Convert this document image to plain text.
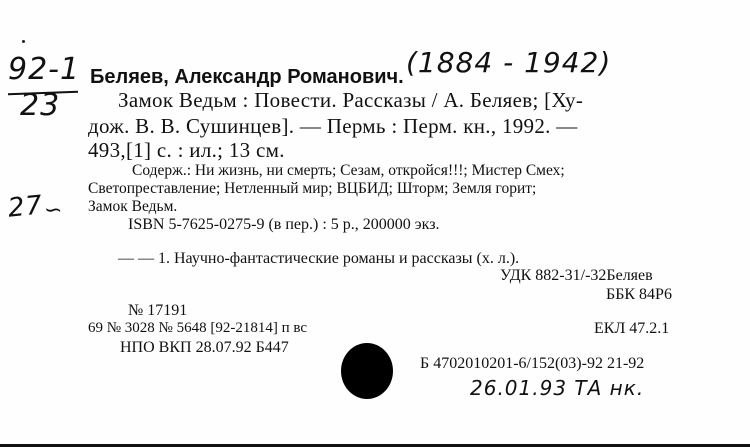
92-1
23
Беляев, Александр Романович. (1884 - 1942)
Замок Ведьм : Повести. Рассказы / А. Беляев; [Ху-
дож. В. В. Сушинцев]. — Пермь : Перм. кн., 1992. —
493,[1] с. : ил.; 13 см.
Содерж.: Ни жизнь, ни смерть; Сезам, откройся!!!; Мистер Смех;
Светопреставление; Нетленный мир; ВЦБИД; Шторм; Земля горит;
Замок Ведьм.
27 ∽
ISBN 5-7625-0275-9 (в пер.) : 5 р., 200000 экз.
— — 1. Научно-фантастические романы и рассказы (х. л.).
УДК 882-31/-32Беляев
ББК 84Р6
№ 17191
69 № 3028 № 5648 [92-21814] п вс	ЕКЛ 47.2.1
НПО ВКП 28.07.92 Б447
Б 4702010201-6/152(03)-92 21-92
26.01.93 ТА нк.
